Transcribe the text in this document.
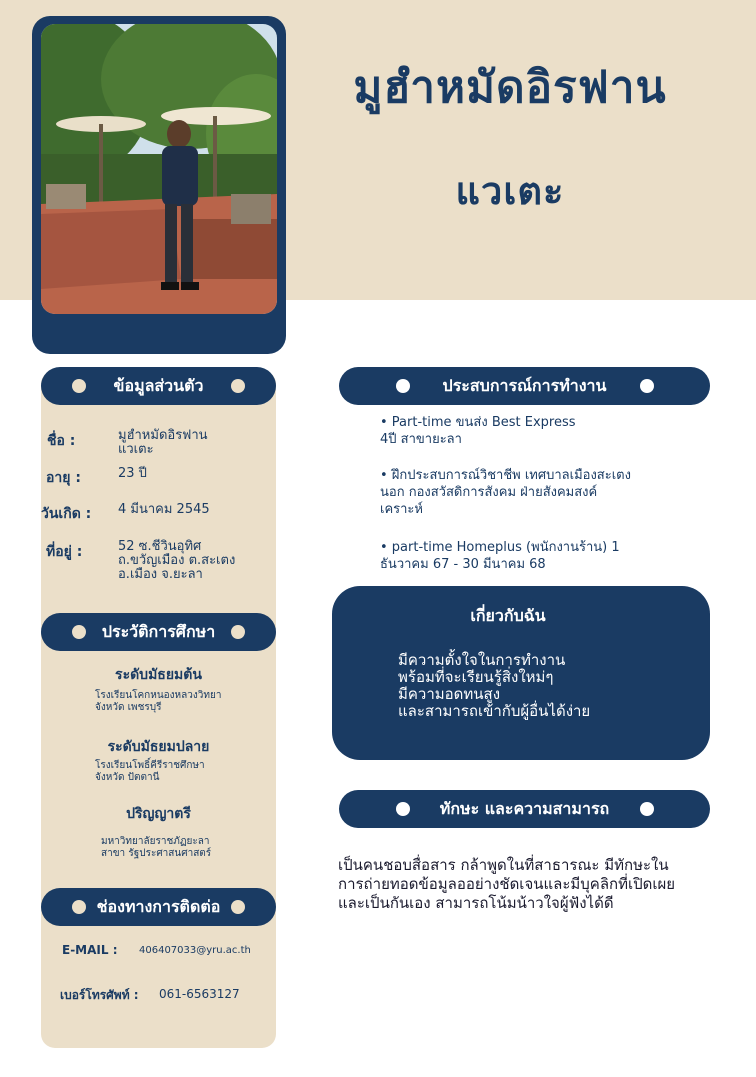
มูฮำหมัดอิรฟาน
แวเตะ
ข้อมูลส่วนตัว
ชื่อ :	มูฮำหมัดอิรฟาน
แวเตะ
อายุ :	23 ปี
วันเกิด : 4 มีนาคม 2545
ที่อยู่ :	52 ซ.ชีวินอุทิศ
ถ.ขวัญเมือง ต.สะเตง
อ.เมือง จ.ยะลา
ประวัติการศึกษา
ระดับมัธยมต้น
โรงเรียนโคกหนองหลวงวิทยา
จังหวัด เพชรบุรี
ระดับมัธยมปลาย
โรงเรียนโพธิ์คีรีราชศึกษา
จังหวัด ปัตตานี
ปริญญาตรี
มหาวิทยาลัยราชภัฏยะลา
สาขา รัฐประศาสนศาสตร์
ช่องทางการติดต่อ
E-MAIL : 406407033@yru.ac.th
เบอร์โทรศัพท์ : 061-6563127
ประสบการณ์การทำงาน
• Part-time ขนส่ง Best Express
4ปี สาขายะลา
• ฝึกประสบการณ์วิชาชีพ เทศบาลเมืองสะเตง
นอก กองสวัสดิการสังคม ฝ่ายสังคมสงค์
เคราะห์
• part-time Homeplus (พนักงานร้าน) 1
ธันวาคม 67 - 30 มีนาคม 68
เกี่ยวกับฉัน
มีความตั้งใจในการทำงาน
พร้อมที่จะเรียนรู้สิ่งใหม่ๆ
มีความอดทนสูง
และสามารถเข้ากับผู้อื่นได้ง่าย
ทักษะ และความสามารถ
เป็นคนชอบสื่อสาร กล้าพูดในที่สาธารณะ มีทักษะในการถ่ายทอดข้อมูลออย่างชัดเจนและมีบุคลิกที่เปิดเผยและเป็นกันเอง สามารถโน้มน้าวใจผู้ฟังได้ดี
